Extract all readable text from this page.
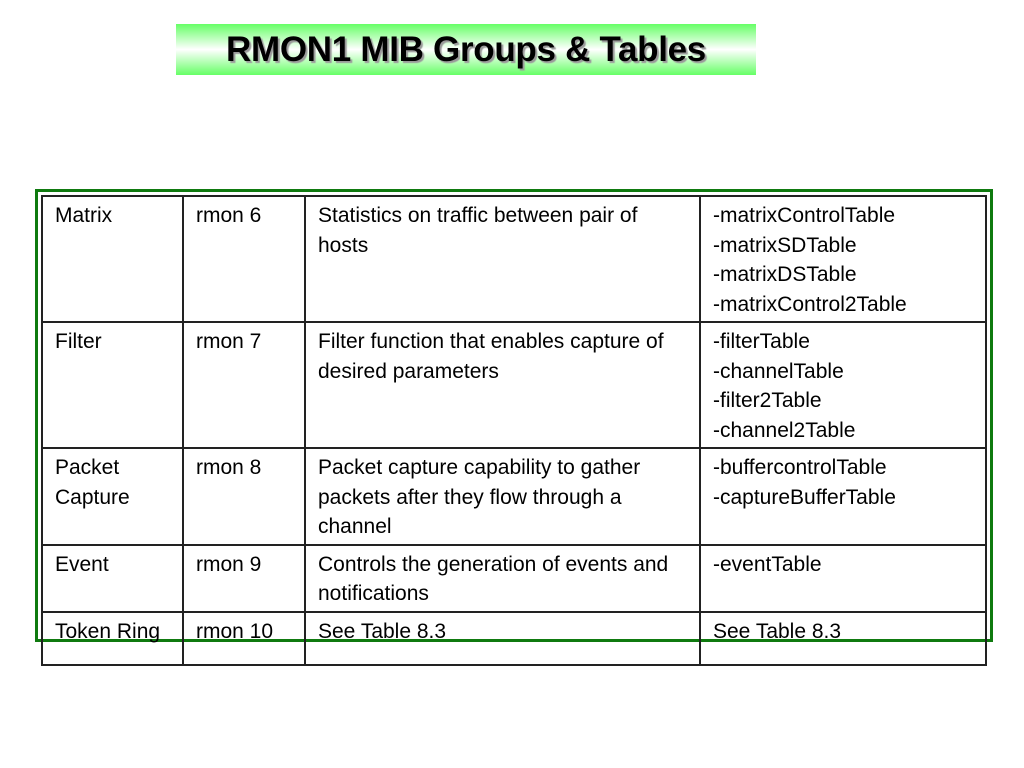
RMON1 MIB Groups & Tables
Matrix	rmon 6	Statistics on traffic between pair of hosts	-matrixControlTable
-matrixSDTable
-matrixDSTable
-matrixControl2Table

Filter	rmon 7	Filter function that enables capture of desired parameters	-filterTable
-channelTable
-filter2Table
-channel2Table

Packet Capture	rmon 8	Packet capture capability to gather packets after they flow through a channel	-buffercontrolTable
-captureBufferTable

Event	rmon 9	Controls the generation of events and notifications	-eventTable

Token Ring	rmon 10	See Table 8.3	See Table 8.3
